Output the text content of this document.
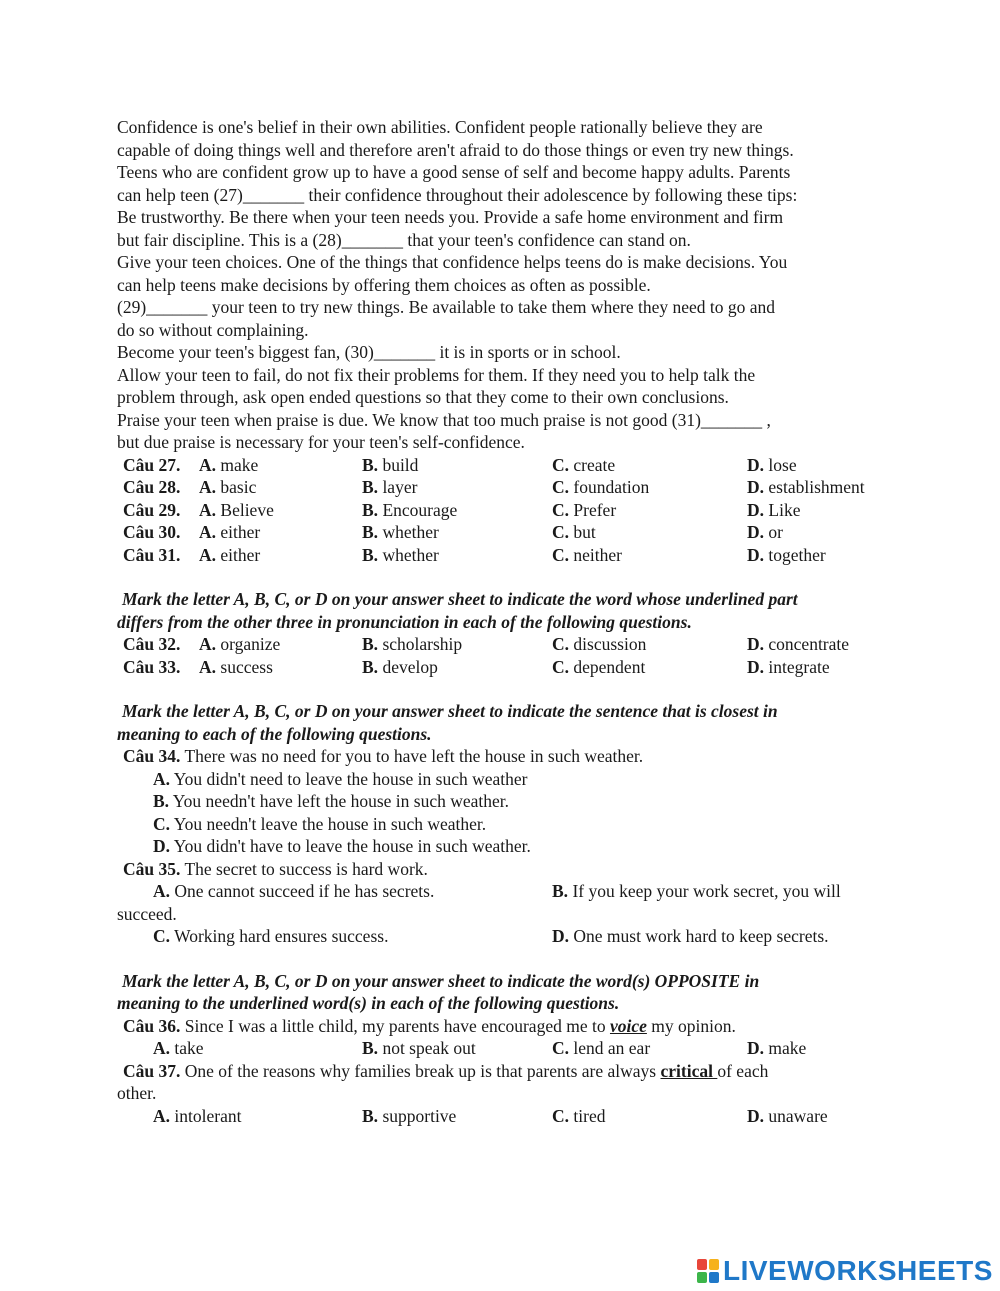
Confidence is one's belief in their own abilities. Confident people rationally believe they are

capable of doing things well and therefore aren't afraid to do those things or even try new things.

Teens who are confident grow up to have a good sense of self and become happy adults. Parents

can help teen (27)_______ their confidence throughout their adolescence by following these tips:

Be trustworthy. Be there when your teen needs you. Provide a safe home environment and firm

but fair discipline. This is a (28)_______ that your teen's confidence can stand on.

Give your teen choices. One of the things that confidence helps teens do is make decisions. You

can help teens make decisions by offering them choices as often as possible.

(29)_______ your teen to try new things. Be available to take them where they need to go and

do so without complaining.

Become your teen's biggest fan, (30)_______ it is in sports or in school.

Allow your teen to fail, do not fix their problems for them. If they need you to help talk the

problem through, ask open ended questions so that they come to their own conclusions.

Praise your teen when praise is due. We know that too much praise is not good (31)_______ ,

but due praise is necessary for your teen's self-confidence.

Câu 27. A. make	B. build	C. create	D. lose
Câu 28. A. basic	B. layer	C. foundation	D. establishment
Câu 29. A. Believe	B. Encourage	C. Prefer	D. Like
Câu 30. A. either	B. whether	C. but	D. or
Câu 31. A. either	B. whether	C. neither	D. together
Mark the letter A, B, C, or D on your answer sheet to indicate the word whose underlined part
differs from the other three in pronunciation in each of the following questions.
Câu 32. A. organize	B. scholarship	C. discussion	D. concentrate
Câu 33. A. success	B. develop	C. dependent	D. integrate
Mark the letter A, B, C, or D on your answer sheet to indicate the sentence that is closest in
meaning to each of the following questions.
Câu 34. There was no need for you to have left the house in such weather.
A. You didn't need to leave the house in such weather
B. You needn't have left the house in such weather.
C. You needn't leave the house in such weather.
D. You didn't have to leave the house in such weather.
Câu 35. The secret to success is hard work.
A. One cannot succeed if he has secrets.	B. If you keep your work secret, you will
succeed.
C. Working hard ensures success.	D. One must work hard to keep secrets.
Mark the letter A, B, C, or D on your answer sheet to indicate the word(s) OPPOSITE in
meaning to the underlined word(s) in each of the following questions.
Câu 36. Since I was a little child, my parents have encouraged me to voice my opinion.
A. take	B. not speak out	C. lend an ear	D. make
Câu 37. One of the reasons why families break up is that parents are always critical of each
other.
A. intolerant	B. supportive	C. tired	D. unaware
LIVEWORKSHEETS
